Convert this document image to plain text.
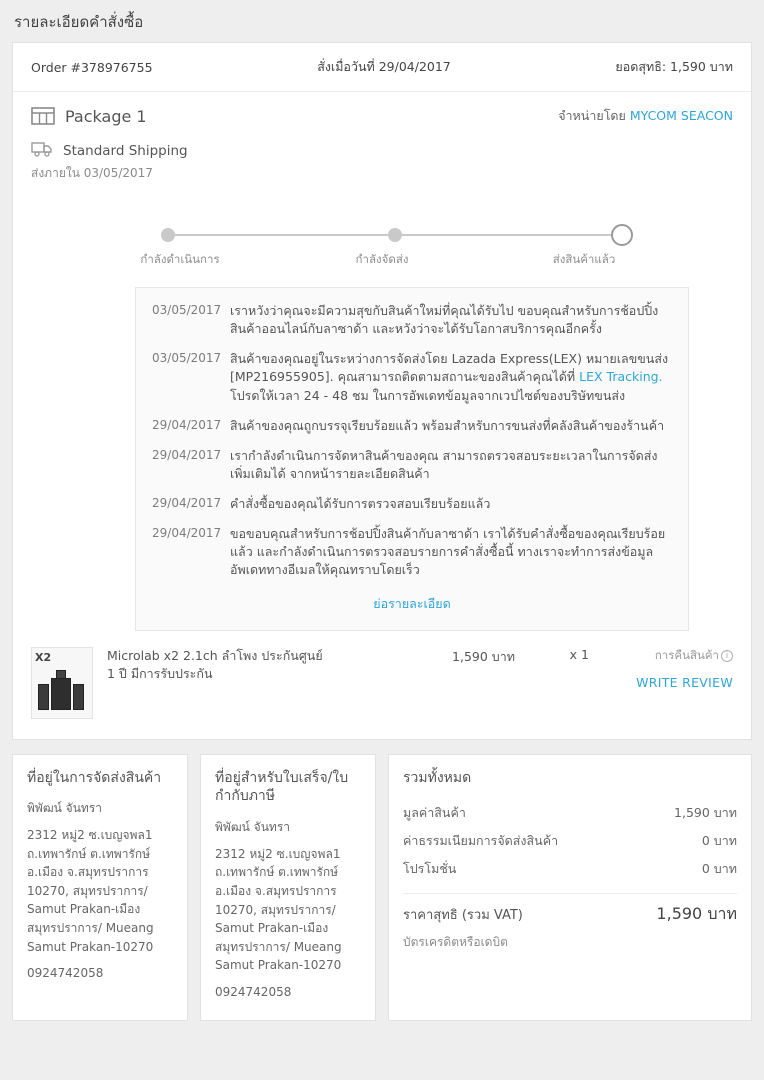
รายละเอียดคำสั่งซื้อ
Order #378976755	สั่งเมื่อวันที่ 29/04/2017	ยอดสุทธิ: 1,590 บาท
Package 1	จำหน่ายโดย MYCOM SEACON
Standard Shipping
ส่งภายใน 03/05/2017
กำลังดำเนินการ	กำลังจัดส่ง	ส่งสินค้าแล้ว
03/05/2017 เราหวังว่าคุณจะมีความสุขกับสินค้าใหม่ที่คุณได้รับไป ขอบคุณสำหรับการช้อปปิ้งสินค้าออนไลน์กับลาซาด้า และหวังว่าจะได้รับโอกาสบริการคุณอีกครั้ง
03/05/2017 สินค้าของคุณอยู่ในระหว่างการจัดส่งโดย Lazada Express(LEX) หมายเลขขนส่ง [MP216955905]. คุณสามารถติดตามสถานะของสินค้าคุณได้ที่ LEX Tracking. โปรดให้เวลา 24 - 48 ชม ในการอัพเดทข้อมูลจากเวปไซต์ของบริษัทขนส่ง
29/04/2017 สินค้าของคุณถูกบรรจุเรียบร้อยแล้ว พร้อมสำหรับการขนส่งที่คลังสินค้าของร้านค้า
29/04/2017 เรากำลังดำเนินการจัดหาสินค้าของคุณ สามารถตรวจสอบระยะเวลาในการจัดส่งเพิ่มเติมได้ จากหน้ารายละเอียดสินค้า
29/04/2017 คำสั่งซื้อของคุณได้รับการตรวจสอบเรียบร้อยแล้ว
29/04/2017 ขอขอบคุณสำหรับการช้อปปิ้งสินค้ากับลาซาด้า เราได้รับคำสั่งซื้อของคุณเรียบร้อยแล้ว และกำลังดำเนินการตรวจสอบรายการคำสั่งซื้อนี้ ทางเราจะทำการส่งข้อมูลอัพเดททางอีเมลให้คุณทราบโดยเร็ว
ย่อรายละเอียด
X2	Microlab x2 2.1ch ลำโพง ประกันศูนย์
1 ปี มีการรับประกัน
1,590 บาท	x 1	การคืนสินค้า i
WRITE REVIEW
ที่อยู่ในการจัดส่งสินค้า
พิพัฒน์ จันทรา
2312 หมู่2 ซ.เบญจพล1
ถ.เทพารักษ์ ต.เทพารักษ์
อ.เมือง จ.สมุทรปราการ
10270, สมุทรปราการ/
Samut Prakan-เมือง
สมุทรปราการ/ Mueang
Samut Prakan-10270
0924742058
ที่อยู่สำหรับใบเสร็จ/ใบกำกับภาษี
พิพัฒน์ จันทรา
2312 หมู่2 ซ.เบญจพล1
ถ.เทพารักษ์ ต.เทพารักษ์
อ.เมือง จ.สมุทรปราการ
10270, สมุทรปราการ/
Samut Prakan-เมือง
สมุทรปราการ/ Mueang
Samut Prakan-10270
0924742058
รวมทั้งหมด
มูลค่าสินค้า	1,590 บาท
ค่าธรรมเนียมการจัดส่งสินค้า	0 บาท
โปรโมชั่น	0 บาท
ราคาสุทธิ (รวม VAT)	1,590 บาท
บัตรเครดิตหรือเดบิต
